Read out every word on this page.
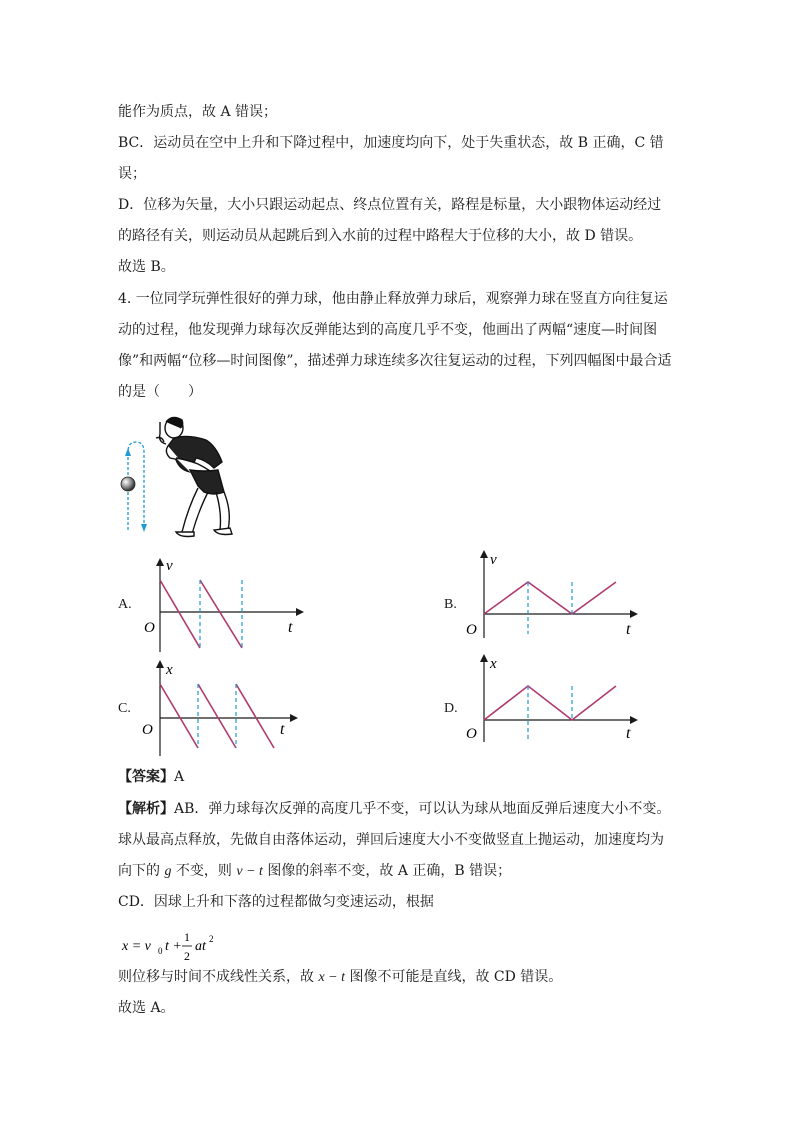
能作为质点，故 A 错误；
BC．运动员在空中上升和下降过程中，加速度均向下，处于失重状态，故 B 正确，C 错
误；
D．位移为矢量，大小只跟运动起点、终点位置有关，路程是标量，大小跟物体运动经过
的路径有关，则运动员从起跳后到入水前的过程中路程大于位移的大小，故 D 错误。
故选 B。
4. 一位同学玩弹性很好的弹力球，他由静止释放弹力球后，观察弹力球在竖直方向往复运
动的过程，他发现弹力球每次反弹能达到的高度几乎不变，他画出了两幅“速度—时间图
像”和两幅“位移—时间图像”，描述弹力球连续多次往复运动的过程，下列四幅图中最合适
的是（　　）
A.
v
t
O
B.
v
t
O
C.
x
t
O
D.
x
t
O
【答案】A
【解析】AB．弹力球每次反弹的高度几乎不变，可以认为球从地面反弹后速度大小不变。
球从最高点释放，先做自由落体运动，弹回后速度大小不变做竖直上抛运动，加速度均为
向下的 g 不变，则 v − t 图像的斜率不变，故 A 正确，B 错误；
CD．因球上升和下落的过程都做匀变速运动，根据
x = v 0 t +
1
2
at 2
则位移与时间不成线性关系，故 x − t 图像不可能是直线，故 CD 错误。
故选 A。
